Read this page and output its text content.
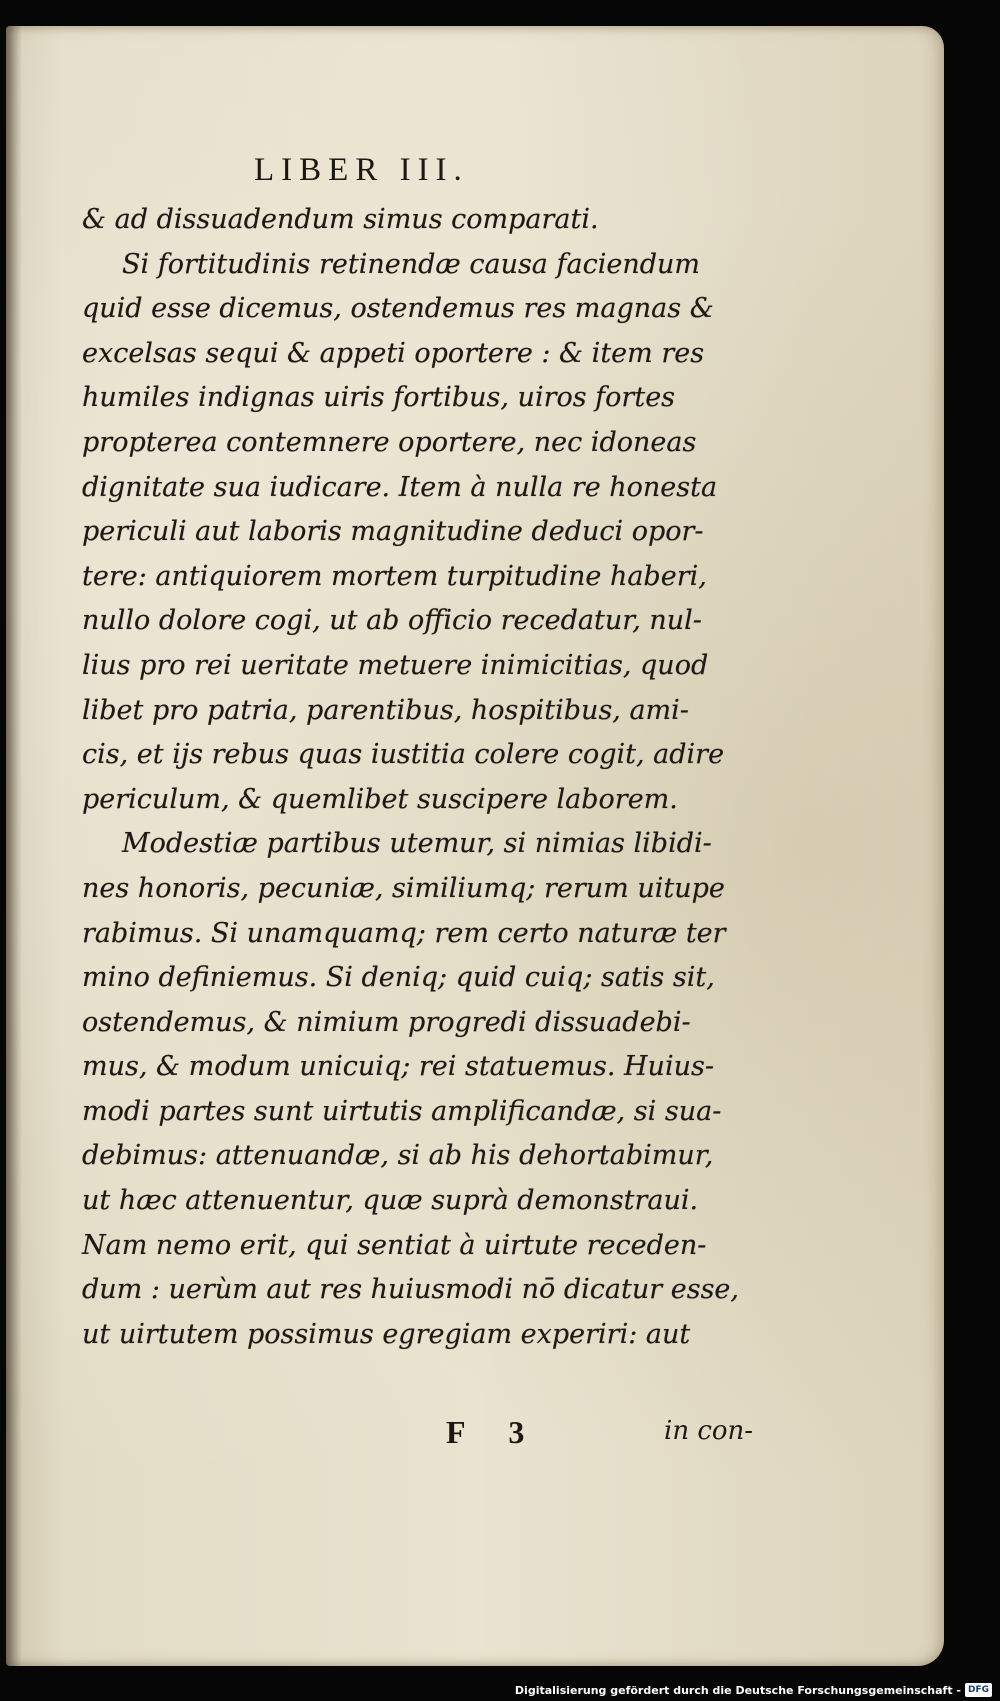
LIBER III.
& ad dissuadendum simus comparati.
Si fortitudinis retinendæ causa faciendum
quid esse dicemus, ostendemus res magnas &
excelsas sequi & appeti oportere : & item res
humiles indignas uiris fortibus, uiros fortes
propterea contemnere oportere, nec idoneas
dignitate sua iudicare. Item à nulla re honesta
periculi aut laboris magnitudine deduci opor-
tere: antiquiorem mortem turpitudine haberi,
nullo dolore cogi, ut ab officio recedatur, nul-
lius pro rei ueritate metuere inimicitias, quod
libet pro patria, parentibus, hospitibus, ami-
cis, et ijs rebus quas iustitia colere cogit, adire
periculum, & quemlibet suscipere laborem.
Modestiæ partibus utemur, si nimias libidi-
nes honoris, pecuniæ, similiumq; rerum uitupe
rabimus. Si unamquamq; rem certo naturæ ter
mino definiemus. Si deniq; quid cuiq; satis sit,
ostendemus, & nimium progredi dissuadebi-
mus, & modum unicuiq; rei statuemus. Huius-
modi partes sunt uirtutis amplificandæ, si sua-
debimus: attenuandæ, si ab his dehortabimur,
ut hæc attenuentur, quæ suprà demonstraui.
Nam nemo erit, qui sentiat à uirtute receden-
dum : uerùm aut res huiusmodi nō dicatur esse,
ut uirtutem possimus egregiam experiri: aut
F 3	in con-
Digitalisierung gefördert durch die Deutsche Forschungsgemeinschaft - DFG
